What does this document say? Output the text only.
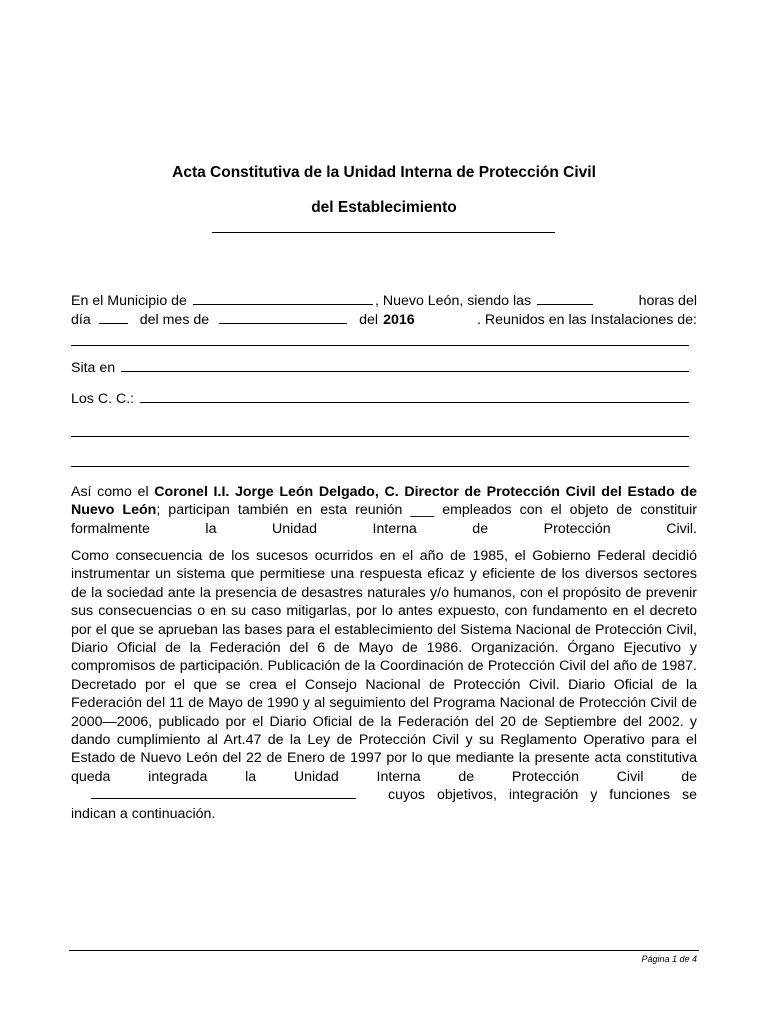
Acta Constitutiva de la Unidad Interna de Protección Civil
del Establecimiento
En el Municipio de	, Nuevo León, siendo las	horas del
día	del mes de	del 2016	. Reunidos en las Instalaciones de:
Sita en
Los C. C.:
Así como el Coronel I.I. Jorge León Delgado, C. Director de Protección Civil del Estado de Nuevo León; participan también en esta reunión ___ empleados con el objeto de constituir formalmente la Unidad Interna de Protección Civil.
Como consecuencia de los sucesos ocurridos en el año de 1985, el Gobierno Federal decidió instrumentar un sistema que permitiese una respuesta eficaz y eficiente de los diversos sectores de la sociedad ante la presencia de desastres naturales y/o humanos, con el propósito de prevenir sus consecuencias o en su caso mitigarlas, por lo antes expuesto, con fundamento en el decreto por el que se aprueban las bases para el establecimiento del Sistema Nacional de Protección Civil, Diario Oficial de la Federación del 6 de Mayo de 1986. Organización. Órgano Ejecutivo y compromisos de participación. Publicación de la Coordinación de Protección Civil del año de 1987. Decretado por el que se crea el Consejo Nacional de Protección Civil. Diario Oficial de la Federación del 11 de Mayo de 1990 y al seguimiento del Programa Nacional de Protección Civil de 2000—2006, publicado por el Diario Oficial de la Federación del 20 de Septiembre del 2002. y dando cumplimiento al Art.47 de la Ley de Protección Civil y su Reglamento Operativo para el Estado de Nuevo León del 22 de Enero de 1997 por lo que mediante la presente acta constitutiva queda integrada la Unidad Interna de Protección Civil de  cuyos objetivos, integración y funciones se indican a continuación.
Página 1 de 4
